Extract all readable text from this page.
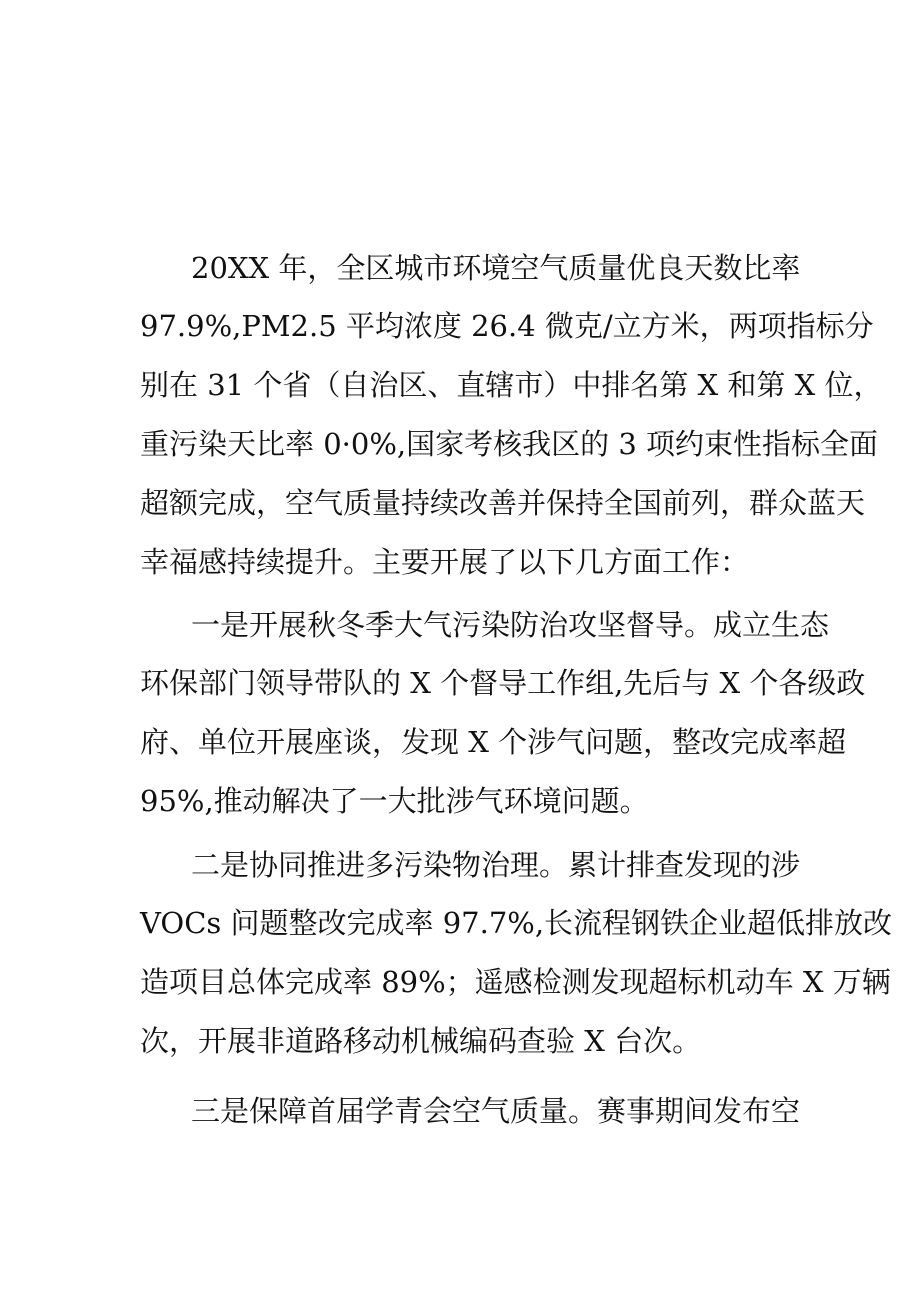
20XX 年，全区城市环境空气质量优良天数比率
97.9%,PM2.5 平均浓度 26.4 微克/立方米，两项指标分
别在 31 个省（自治区、直辖市）中排名第 X 和第 X 位，
重污染天比率 0·0%,国家考核我区的 3 项约束性指标全面
超额完成，空气质量持续改善并保持全国前列，群众蓝天
幸福感持续提升。主要开展了以下几方面工作：
一是开展秋冬季大气污染防治攻坚督导。成立生态
环保部门领导带队的 X 个督导工作组,先后与 X 个各级政
府、单位开展座谈，发现 X 个涉气问题，整改完成率超
95%,推动解决了一大批涉气环境问题。
二是协同推进多污染物治理。累计排查发现的涉
VOCs 问题整改完成率 97.7%,长流程钢铁企业超低排放改
造项目总体完成率 89%；遥感检测发现超标机动车 X 万辆
次，开展非道路移动机械编码查验 X 台次。
三是保障首届学青会空气质量。赛事期间发布空
